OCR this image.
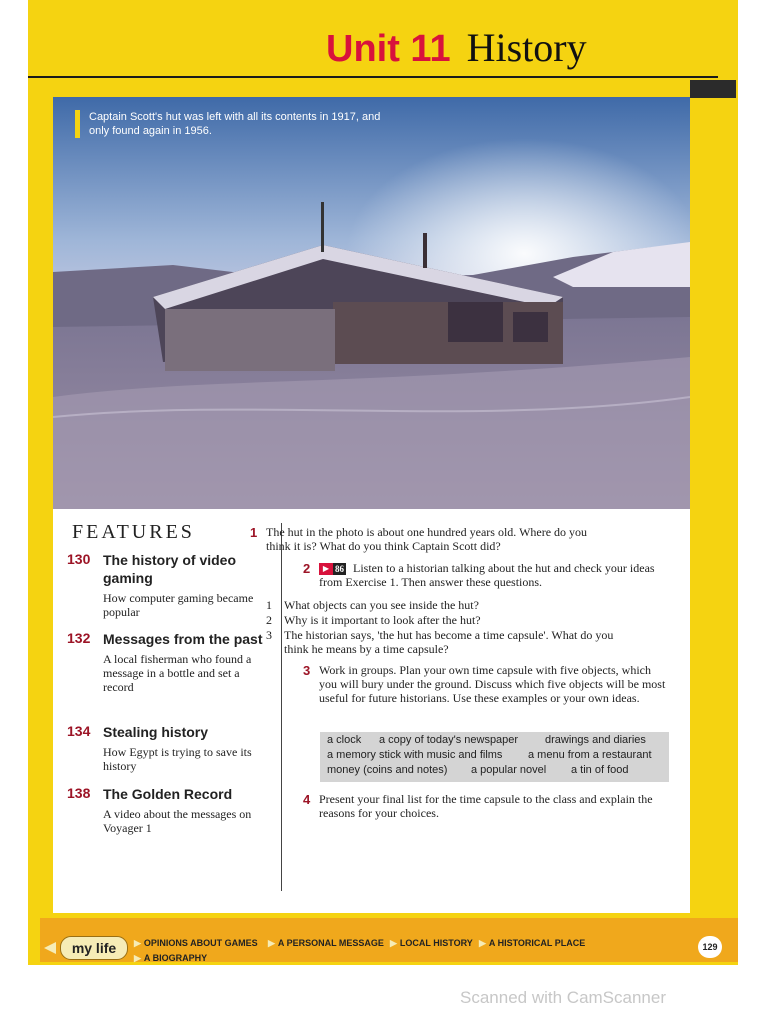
Unit 11 History
Captain Scott's hut was left with all its contents in 1917, and only found again in 1956.
FEATURES
130 The history of video gaming
How computer gaming became popular
132 Messages from the past
A local fisherman who found a message in a bottle and set a record
134 Stealing history
How Egypt is trying to save its history
138 The Golden Record
A video about the messages on Voyager 1
1 The hut in the photo is about one hundred years old. Where do you think it is? What do you think Captain Scott did?
2	▶ 86 Listen to a historian talking about the hut and check your ideas from Exercise 1. Then answer these questions.
1 What objects can you see inside the hut?
2 Why is it important to look after the hut?
3 The historian says, 'the hut has become a time capsule'. What do you think he means by a time capsule?
3 Work in groups. Plan your own time capsule with five objects, which you will bury under the ground. Discuss which five objects will be most useful for future historians. Use these examples or your own ideas.
a clock a copy of today's newspaper drawings and diaries
a memory stick with music and films a menu from a restaurant
money (coins and notes) a popular novel a tin of food
4 Present your final list for the time capsule to the class and explain the reasons for your choices.
my life	▶ OPINIONS ABOUT GAMES ▶ A PERSONAL MESSAGE ▶ LOCAL HISTORY ▶ A HISTORICAL PLACE
▶ A BIOGRAPHY
129
Scanned with CamScanner
